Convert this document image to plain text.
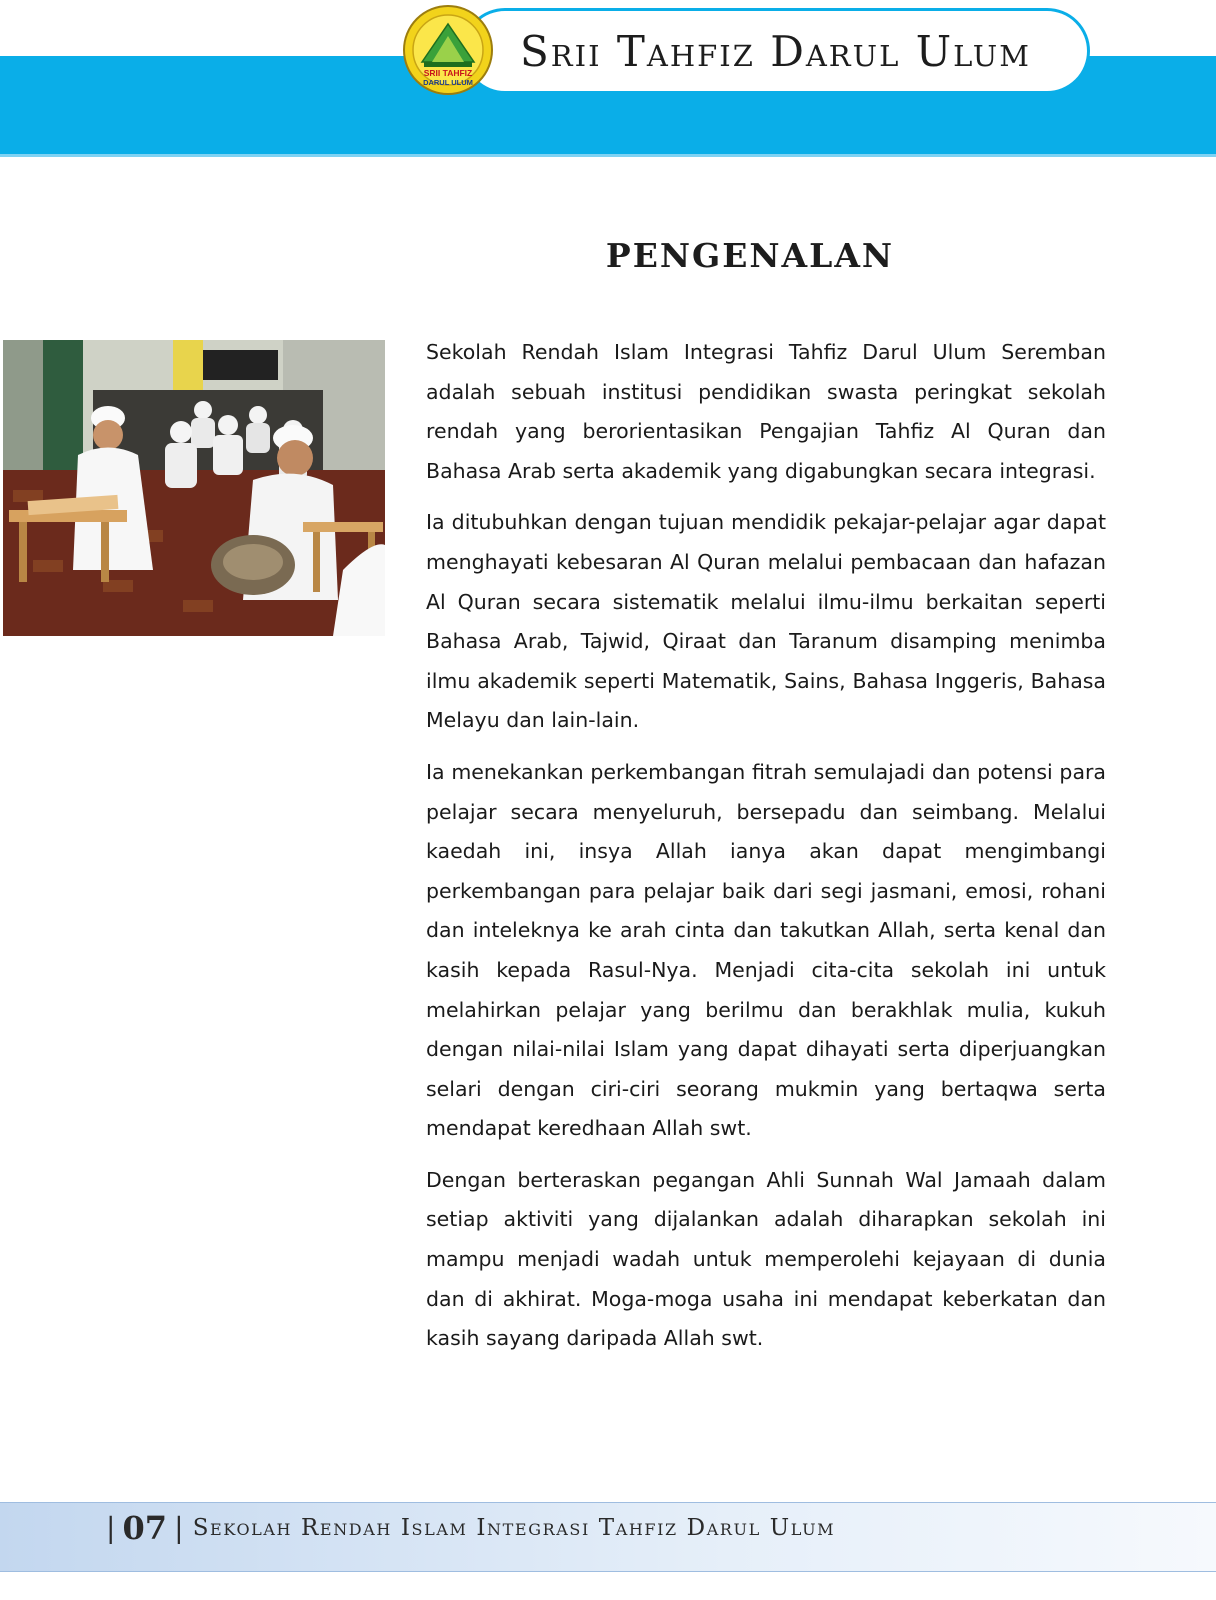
“Misi Melahirkan Al-Hafiz Cilik Yang Profesional”
Srii Tahfiz Darul Ulum
SRII TAHFIZ
DARUL ULUM
PENGENALAN

Sekolah Rendah Islam Integrasi Tahfiz Darul Ulum Seremban adalah sebuah institusi pendidikan swasta peringkat sekolah rendah yang berorientasikan Pengajian Tahfiz Al Quran dan Bahasa Arab serta akademik yang digabungkan secara integrasi.

Ia ditubuhkan dengan tujuan mendidik pekajar-pelajar agar dapat menghayati kebesaran Al Quran melalui pembacaan dan hafazan Al Quran secara sistematik melalui ilmu-ilmu berkaitan seperti Bahasa Arab, Tajwid, Qiraat dan Taranum disamping menimba ilmu akademik seperti Matematik, Sains, Bahasa Inggeris, Bahasa Melayu dan lain-lain.

Ia menekankan perkembangan fitrah semulajadi dan potensi para pelajar secara menyeluruh, bersepadu dan seimbang. Melalui kaedah ini, insya Allah ianya akan dapat mengimbangi perkembangan para pelajar baik dari segi jasmani, emosi, rohani dan inteleknya ke arah cinta dan takutkan Allah, serta kenal dan kasih kepada Rasul-Nya. Menjadi cita-cita sekolah ini untuk melahirkan pelajar yang berilmu dan berakhlak mulia, kukuh dengan nilai-nilai Islam yang dapat dihayati serta diperjuangkan selari dengan ciri-ciri seorang mukmin yang bertaqwa serta mendapat keredhaan Allah swt.

Dengan berteraskan pegangan Ahli Sunnah Wal Jamaah dalam setiap aktiviti yang dijalankan adalah diharapkan sekolah ini mampu menjadi wadah untuk memperolehi kejayaan di dunia dan di akhirat. Moga-moga usaha ini mendapat keberkatan dan kasih sayang daripada Allah swt.

| 07 | Sekolah Rendah Islam Integrasi Tahfiz Darul Ulum
